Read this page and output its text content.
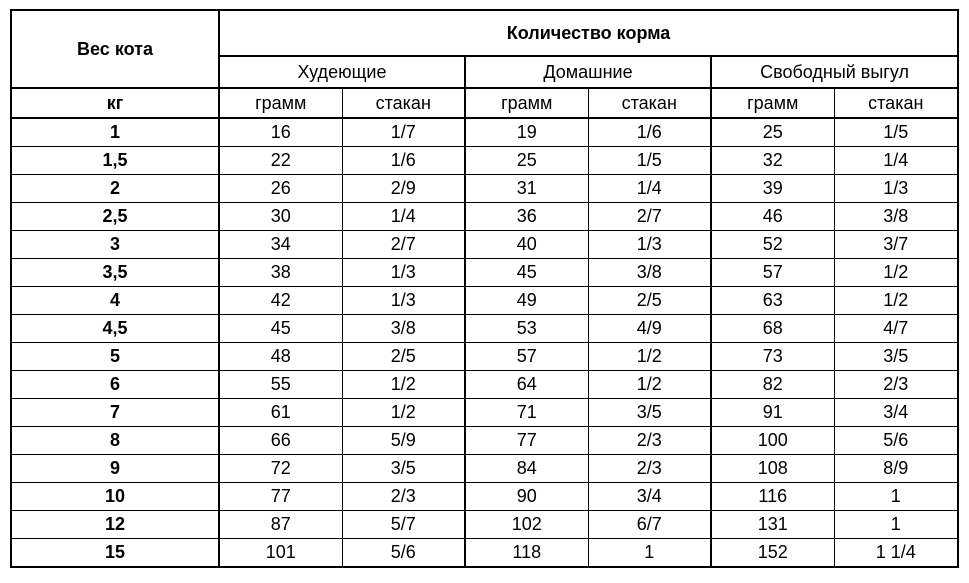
Вес кота	Количество корма					
	Худеющие		Домашние		Свободный выгул	
кг	грамм	стакан	грамм	стакан	грамм	стакан
1	16	1/7	19	1/6	25	1/5
1,5	22	1/6	25	1/5	32	1/4
2	26	2/9	31	1/4	39	1/3
2,5	30	1/4	36	2/7	46	3/8
3	34	2/7	40	1/3	52	3/7
3,5	38	1/3	45	3/8	57	1/2
4	42	1/3	49	2/5	63	1/2
4,5	45	3/8	53	4/9	68	4/7
5	48	2/5	57	1/2	73	3/5
6	55	1/2	64	1/2	82	2/3
7	61	1/2	71	3/5	91	3/4
8	66	5/9	77	2/3	100	5/6
9	72	3/5	84	2/3	108	8/9
10	77	2/3	90	3/4	116	1
12	87	5/7	102	6/7	131	1
15	101	5/6	118	1	152	1 1/4
